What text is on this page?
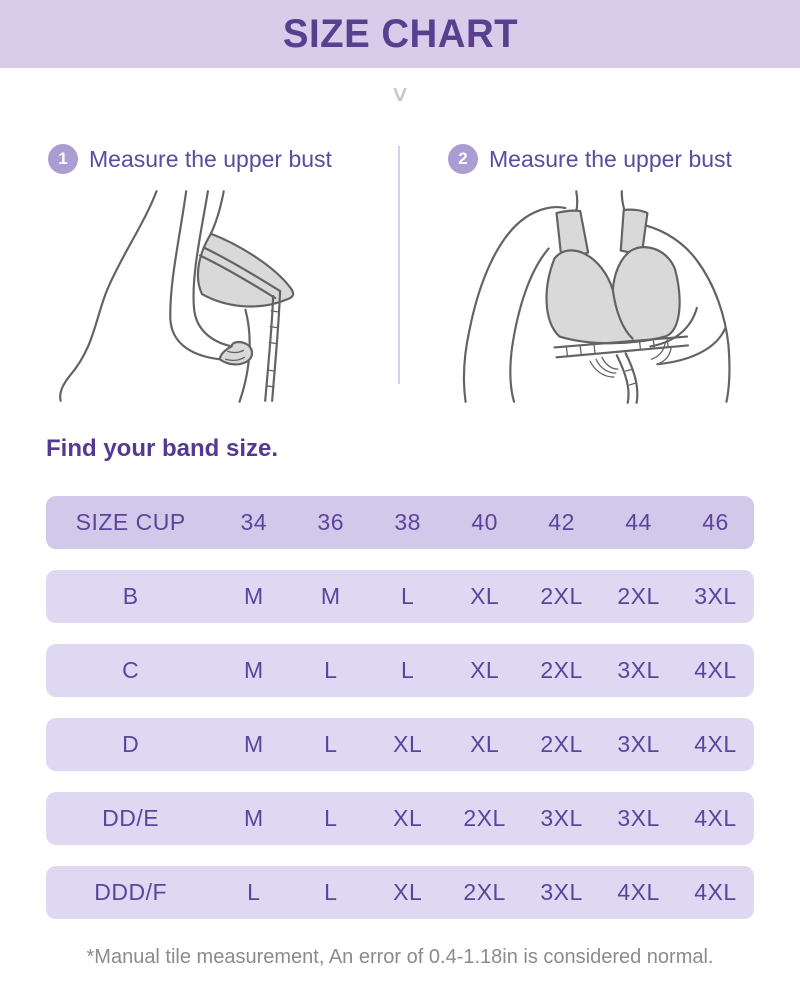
SIZE CHART
∨
1 Measure the upper bust	2 Measure the upper bust
Find your band size.
SIZE CUP	34	36	38	40	42	44	46
B	M	M	L	XL	2XL	2XL	3XL
C	M	L	L	XL	2XL	3XL	4XL
D	M	L	XL	XL	2XL	3XL	4XL
DD/E	M	L	XL	2XL	3XL	3XL	4XL
DDD/F	L	L	XL	2XL	3XL	4XL	4XL
*Manual tile measurement, An error of 0.4-1.18in is considered normal.
